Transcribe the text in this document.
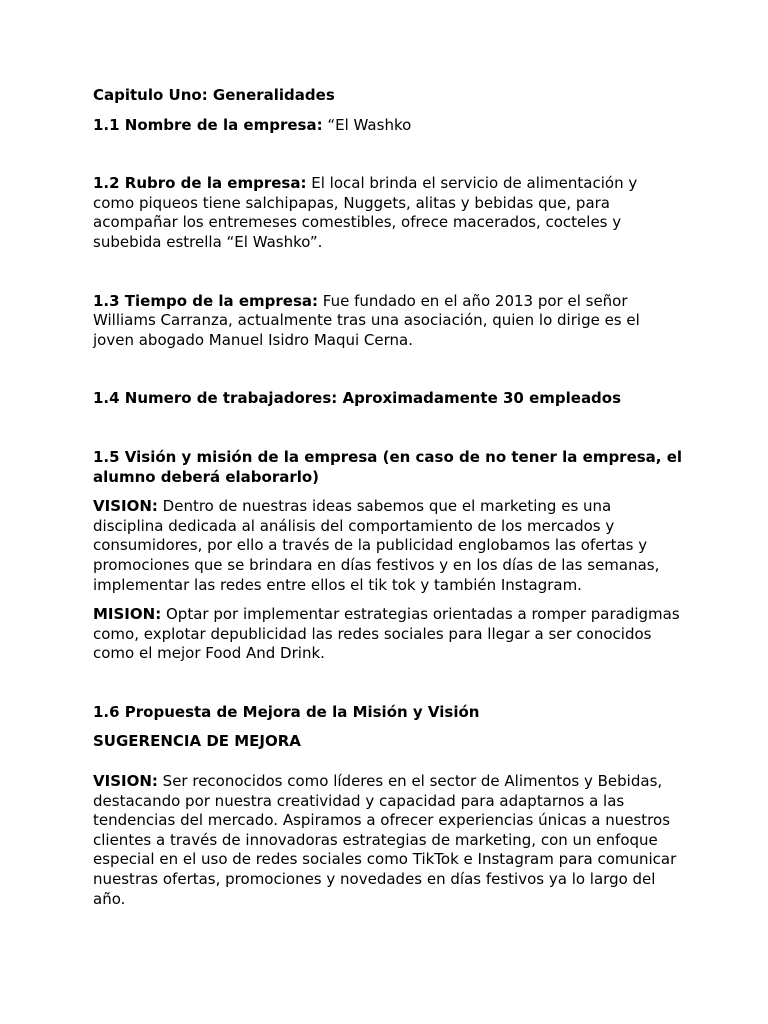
Capitulo Uno: Generalidades

1.1 Nombre de la empresa: “El Washko

1.2 Rubro de la empresa: El local brinda el servicio de alimentación y como piqueos tiene salchipapas, Nuggets, alitas y bebidas que, para acompañar los entremeses comestibles, ofrece macerados, cocteles y subebida estrella “El Washko”.

1.3 Tiempo de la empresa: Fue fundado en el año 2013 por el señor Williams Carranza, actualmente tras una asociación, quien lo dirige es el joven abogado Manuel Isidro Maqui Cerna.

1.4 Numero de trabajadores: Aproximadamente 30 empleados

1.5 Visión y misión de la empresa (en caso de no tener la empresa, el alumno deberá elaborarlo)

VISION: Dentro de nuestras ideas sabemos que el marketing es una disciplina dedicada al análisis del comportamiento de los mercados y consumidores, por ello a través de la publicidad englobamos las ofertas y promociones que se brindara en días festivos y en los días de las semanas, implementar las redes entre ellos el tik tok y también Instagram.

MISION: Optar por implementar estrategias orientadas a romper paradigmas como, explotar depublicidad las redes sociales para llegar a ser conocidos como el mejor Food And Drink.

1.6 Propuesta de Mejora de la Misión y Visión

SUGERENCIA DE MEJORA

VISION: Ser reconocidos como líderes en el sector de Alimentos y Bebidas, destacando por nuestra creatividad y capacidad para adaptarnos a las tendencias del mercado. Aspiramos a ofrecer experiencias únicas a nuestros clientes a través de innovadoras estrategias de marketing, con un enfoque especial en el uso de redes sociales como TikTok e Instagram para comunicar nuestras ofertas, promociones y novedades en días festivos ya lo largo del año.
